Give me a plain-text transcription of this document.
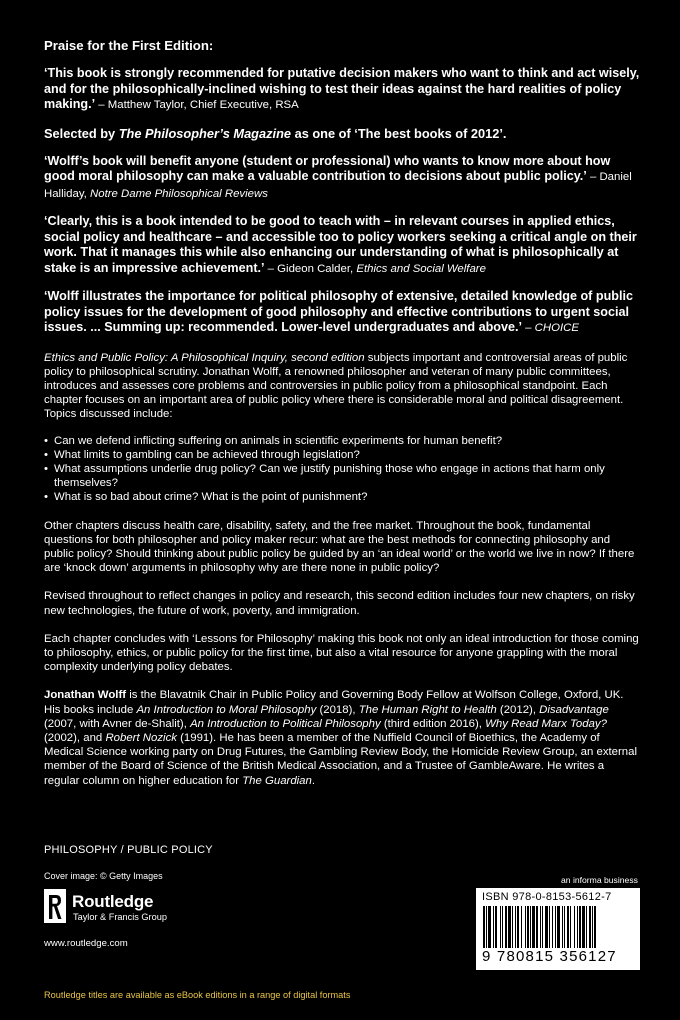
Praise for the First Edition:

‘This book is strongly recommended for putative decision makers who want to think and act wisely, and for the philosophically-inclined wishing to test their ideas against the hard realities of policy making.’ – Matthew Taylor, Chief Executive, RSA

Selected by The Philosopher’s Magazine as one of ‘The best books of 2012’.

‘Wolff’s book will benefit anyone (student or professional) who wants to know more about how good moral philosophy can make a valuable contribution to decisions about public policy.’ – Daniel Halliday, Notre Dame Philosophical Reviews

‘Clearly, this is a book intended to be good to teach with – in relevant courses in applied ethics, social policy and healthcare – and accessible too to policy workers seeking a critical angle on their work. That it manages this while also enhancing our understanding of what is philosophically at stake is an impressive achievement.’ – Gideon Calder, Ethics and Social Welfare

‘Wolff illustrates the importance for political philosophy of extensive, detailed knowledge of public policy issues for the development of good philosophy and effective contributions to urgent social issues. ... Summing up: recommended. Lower-level undergraduates and above.’ – CHOICE

Ethics and Public Policy: A Philosophical Inquiry, second edition subjects important and controversial areas of public policy to philosophical scrutiny. Jonathan Wolff, a renowned philosopher and veteran of many public committees, introduces and assesses core problems and controversies in public policy from a philosophical standpoint. Each chapter focuses on an important area of public policy where there is considerable moral and political disagreement. Topics discussed include:

• Can we defend inflicting suffering on animals in scientific experiments for human benefit?
• What limits to gambling can be achieved through legislation?
• What assumptions underlie drug policy? Can we justify punishing those who engage in actions that harm only themselves?
• What is so bad about crime? What is the point of punishment?

Other chapters discuss health care, disability, safety, and the free market. Throughout the book, fundamental questions for both philosopher and policy maker recur: what are the best methods for connecting philosophy and public policy? Should thinking about public policy be guided by an ‘an ideal world’ or the world we live in now? If there are ‘knock down’ arguments in philosophy why are there none in public policy?

Revised throughout to reflect changes in policy and research, this second edition includes four new chapters, on risky new technologies, the future of work, poverty, and immigration.

Each chapter concludes with ‘Lessons for Philosophy’ making this book not only an ideal introduction for those coming to philosophy, ethics, or public policy for the first time, but also a vital resource for anyone grappling with the moral complexity underlying policy debates.

Jonathan Wolff is the Blavatnik Chair in Public Policy and Governing Body Fellow at Wolfson College, Oxford, UK. His books include An Introduction to Moral Philosophy (2018), The Human Right to Health (2012), Disadvantage (2007, with Avner de-Shalit), An Introduction to Political Philosophy (third edition 2016), Why Read Marx Today? (2002), and Robert Nozick (1991). He has been a member of the Nuffield Council of Bioethics, the Academy of Medical Science working party on Drug Futures, the Gambling Review Body, the Homicide Review Group, an external member of the Board of Science of the British Medical Association, and a Trustee of GambleAware. He writes a regular column on higher education for The Guardian.

PHILOSOPHY / PUBLIC POLICY
Cover image: © Getty Images
Routledge
Taylor & Francis Group
www.routledge.com
an informa business
ISBN 978-0-8153-5612-7
9 780815 356127
Routledge titles are available as eBook editions in a range of digital formats
